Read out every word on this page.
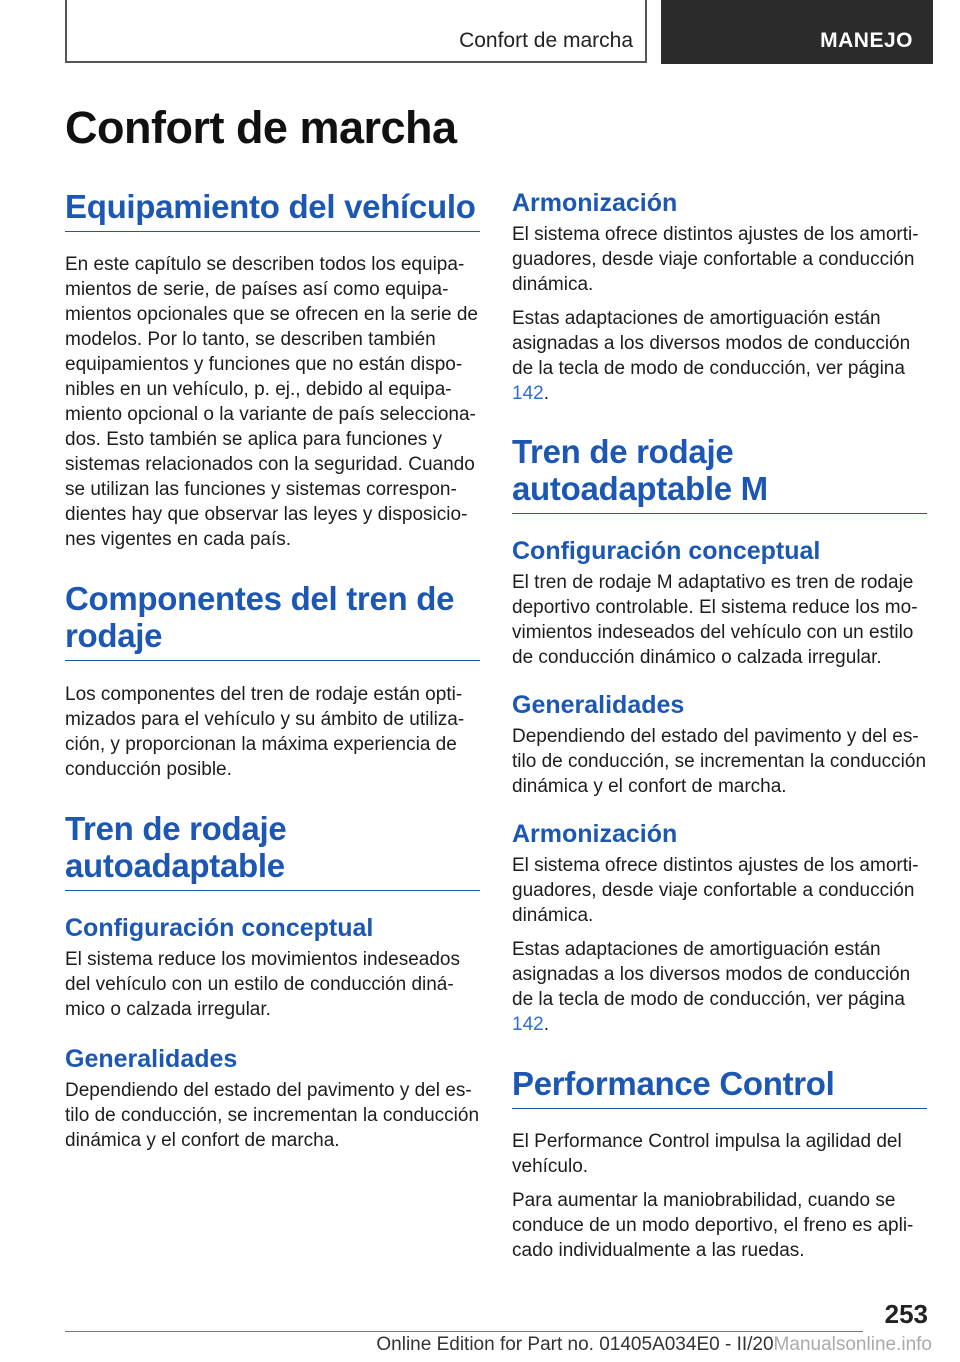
Confort de marcha	MANEJO
Confort de marcha
Equipamiento del vehículo

En este capítulo se describen todos los equipamientos de serie, de países así como equipamientos opcionales que se ofrecen en la serie de modelos. Por lo tanto, se describen también equipamientos y funciones que no están disponibles en un vehículo, p. ej., debido al equipamiento opcional o la variante de país seleccionados. Esto también se aplica para funciones y sistemas relacionados con la seguridad. Cuando se utilizan las funciones y sistemas correspondientes hay que observar las leyes y disposiciones vigentes en cada país.

Componentes del tren de rodaje

Los componentes del tren de rodaje están optimizados para el vehículo y su ámbito de utilización, y proporcionan la máxima experiencia de conducción posible.

Tren de rodaje autoadaptable
Configuración conceptual

El sistema reduce los movimientos indeseados del vehículo con un estilo de conducción dinámico o calzada irregular.

Generalidades

Dependiendo del estado del pavimento y del estilo de conducción, se incrementan la conducción dinámica y el confort de marcha.

Armonización

El sistema ofrece distintos ajustes de los amortiguadores, desde viaje confortable a conducción dinámica.

Estas adaptaciones de amortiguación están asignadas a los diversos modos de conducción de la tecla de modo de conducción, ver página 142.

Tren de rodaje autoadaptable M
Configuración conceptual

El tren de rodaje M adaptativo es tren de rodaje deportivo controlable. El sistema reduce los movimientos indeseados del vehículo con un estilo de conducción dinámico o calzada irregular.

Generalidades

Dependiendo del estado del pavimento y del estilo de conducción, se incrementan la conducción dinámica y el confort de marcha.

Armonización

El sistema ofrece distintos ajustes de los amortiguadores, desde viaje confortable a conducción dinámica.

Estas adaptaciones de amortiguación están asignadas a los diversos modos de conducción de la tecla de modo de conducción, ver página 142.

Performance Control

El Performance Control impulsa la agilidad del vehículo.

Para aumentar la maniobrabilidad, cuando se conduce de un modo deportivo, el freno es aplicado individualmente a las ruedas.

253
Online Edition for Part no. 01405A034E0 - II/20Manualsonline.info
